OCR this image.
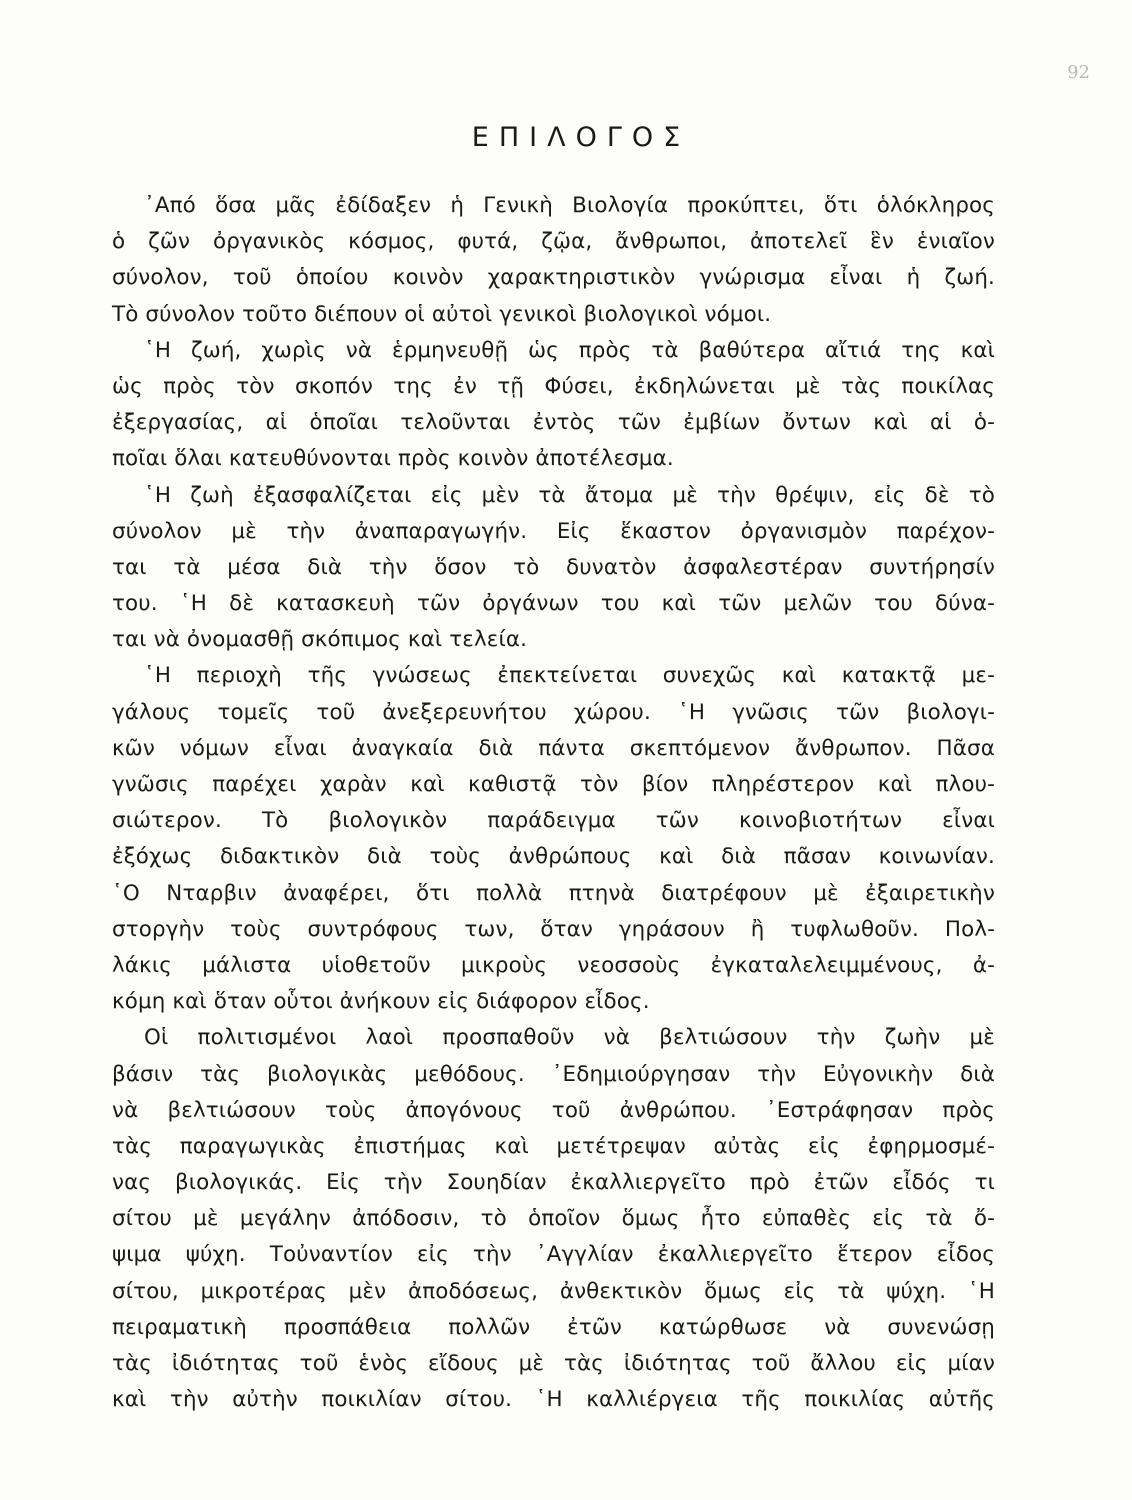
92
ΕΠΙΛΟΓΟΣ
᾿Από ὅσα μᾶς ἐδίδαξεν ἡ Γενικὴ Βιολογία προκύπτει, ὅτι ὁλόκληρος
ὁ ζῶν ὀργανικὸς κόσμος, φυτά, ζῷα, ἄνθρωποι, ἀποτελεῖ ἓν ἑνιαῖον
σύνολον, τοῦ ὁποίου κοινὸν χαρακτηριστικὸν γνώρισμα εἶναι ἡ ζωή.
Τὸ σύνολον τοῦτο διέπουν οἱ αὐτοὶ γενικοὶ βιολογικοὶ νόμοι.
῾Η ζωή, χωρὶς νὰ ἑρμηνευθῇ ὡς πρὸς τὰ βαθύτερα αἴτιά της καὶ
ὡς πρὸς τὸν σκοπόν της ἐν τῇ Φύσει, ἐκδηλώνεται μὲ τὰς ποικίλας
ἐξεργασίας, αἱ ὁποῖαι τελοῦνται ἐντὸς τῶν ἐμβίων ὄντων καὶ αἱ ὁ-
ποῖαι ὅλαι κατευθύνονται πρὸς κοινὸν ἀποτέλεσμα.
῾Η ζωὴ ἐξασφαλίζεται εἰς μὲν τὰ ἄτομα μὲ τὴν θρέψιν, εἰς δὲ τὸ
σύνολον μὲ τὴν ἀναπαραγωγήν. Εἰς ἕκαστον ὀργανισμὸν παρέχον-
ται τὰ μέσα διὰ τὴν ὅσον τὸ δυνατὸν ἀσφαλεστέραν συντήρησίν
του. ῾Η δὲ κατασκευὴ τῶν ὀργάνων του καὶ τῶν μελῶν του δύνα-
ται νὰ ὀνομασθῇ σκόπιμος καὶ τελεία.
῾Η περιοχὴ τῆς γνώσεως ἐπεκτείνεται συνεχῶς καὶ κατακτᾷ με-
γάλους τομεῖς τοῦ ἀνεξερευνήτου χώρου. ῾Η γνῶσις τῶν βιολογι-
κῶν νόμων εἶναι ἀναγκαία διὰ πάντα σκεπτόμενον ἄνθρωπον. Πᾶσα
γνῶσις παρέχει χαρὰν καὶ καθιστᾷ τὸν βίον πληρέστερον καὶ πλου-
σιώτερον. Τὸ βιολογικὸν παράδειγμα τῶν κοινοβιοτήτων εἶναι
ἐξόχως διδακτικὸν διὰ τοὺς ἀνθρώπους καὶ διὰ πᾶσαν κοινωνίαν.
῾Ο Νταρβιν ἀναφέρει, ὅτι πολλὰ πτηνὰ διατρέφουν μὲ ἐξαιρετικὴν
στοργὴν τοὺς συντρόφους των, ὅταν γηράσουν ἢ τυφλωθοῦν. Πολ-
λάκις μάλιστα υἱοθετοῦν μικροὺς νεοσσοὺς ἐγκαταλελειμμένους, ἀ-
κόμη καὶ ὅταν οὗτοι ἀνήκουν εἰς διάφορον εἶδος.
Οἱ πολιτισμένοι λαοὶ προσπαθοῦν νὰ βελτιώσουν τὴν ζωὴν μὲ
βάσιν τὰς βιολογικὰς μεθόδους. ᾿Εδημιούργησαν τὴν Εὐγονικὴν διὰ
νὰ βελτιώσουν τοὺς ἀπογόνους τοῦ ἀνθρώπου. ᾿Εστράφησαν πρὸς
τὰς παραγωγικὰς ἐπιστήμας καὶ μετέτρεψαν αὐτὰς εἰς ἐφηρμοσμέ-
νας βιολογικάς. Εἰς τὴν Σουηδίαν ἐκαλλιεργεῖτο πρὸ ἐτῶν εἶδός τι
σίτου μὲ μεγάλην ἀπόδοσιν, τὸ ὁποῖον ὅμως ἦτο εὐπαθὲς εἰς τὰ ὄ-
ψιμα ψύχη. Τοὐναντίον εἰς τὴν ᾿Αγγλίαν ἐκαλλιεργεῖτο ἕτερον εἶδος
σίτου, μικροτέρας μὲν ἀποδόσεως, ἀνθεκτικὸν ὅμως εἰς τὰ ψύχη. ῾Η
πειραματικὴ προσπάθεια πολλῶν ἐτῶν κατώρθωσε νὰ συνενώσῃ
τὰς ἰδιότητας τοῦ ἑνὸς εἴδους μὲ τὰς ἰδιότητας τοῦ ἄλλου εἰς μίαν
καὶ τὴν αὐτὴν ποικιλίαν σίτου. ῾Η καλλιέργεια τῆς ποικιλίας αὐτῆς
